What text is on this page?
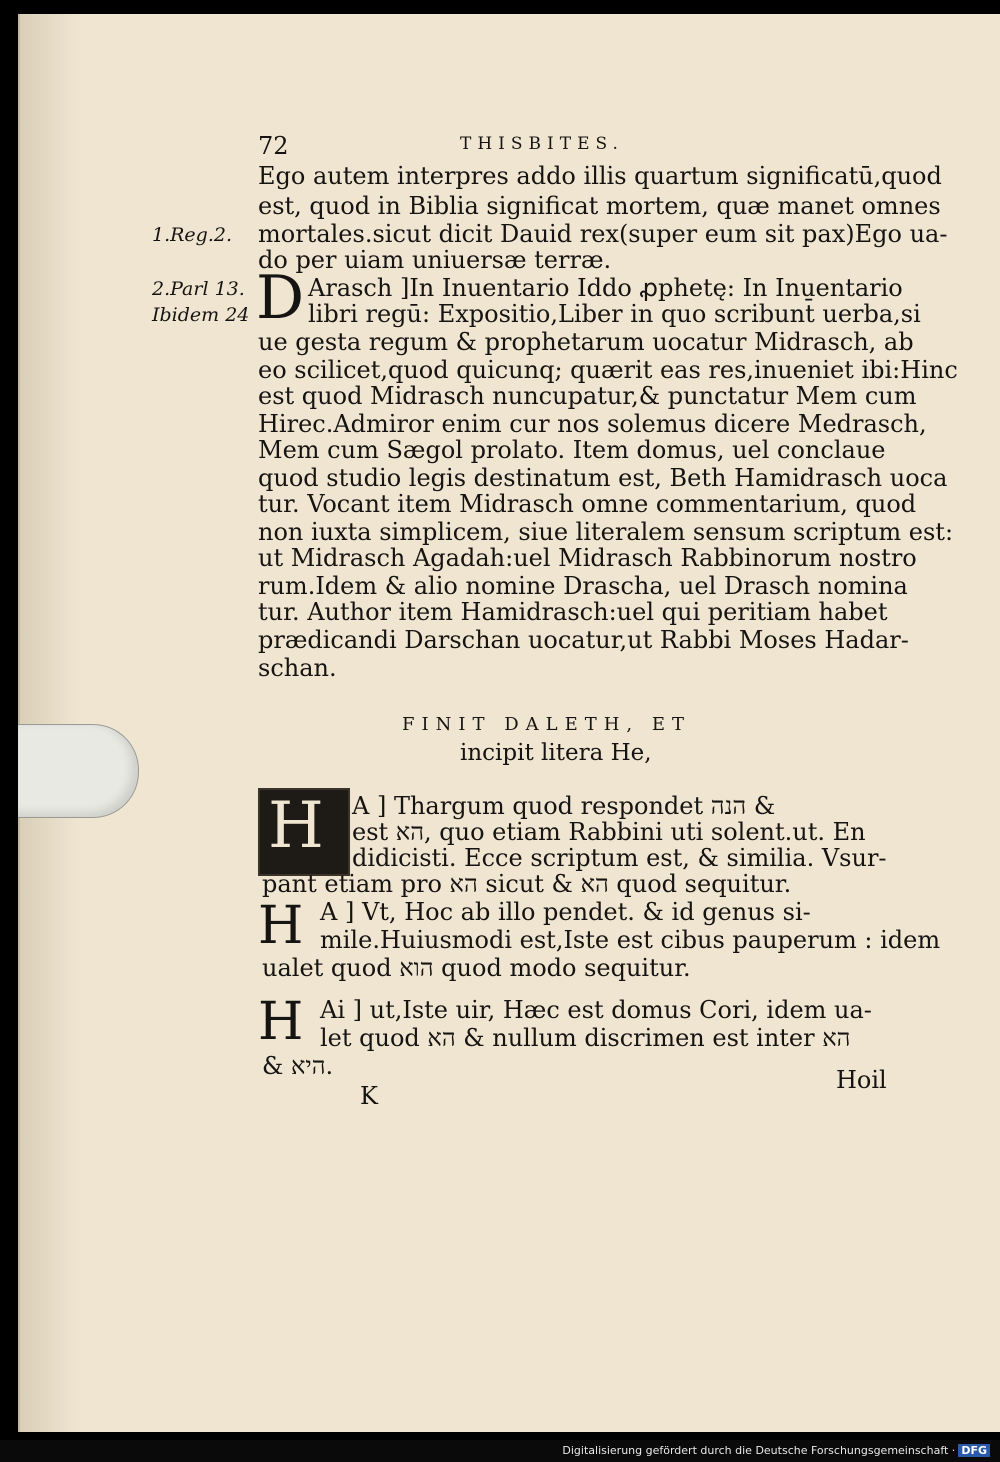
72	THISBITES.
1.Reg.2.
2.Parl 13.
Ibidem 24
Ego autem interpres addo illis quartum significatū,quod
est, quod in Biblia significat mortem, quæ manet omnes
mortales.sicut dicit Dauid rex(super eum sit pax)Ego ua-
do per uiam uniuersæ terræ.
D Arasch ]In Inuentario Iddo ꝓphetę: In Inuentario
libri regū: Expositio,Liber in quo scribunt̄ uerba,si
ue gesta regum & prophetarum uocatur Midrasch, ab
eo scilicet,quod quicunq; quærit eas res,inueniet ibi:Hinc
est quod Midrasch nuncupatur,& punctatur Mem cum
Hirec.Admiror enim cur nos solemus dicere Medrasch,
Mem cum Sægol prolato. Item domus, uel conclaue
quod studio legis destinatum est, Beth Hamidrasch uoca
tur. Vocant item Midrasch omne commentarium, quod
non iuxta simplicem, siue literalem sensum scriptum est:
ut Midrasch Agadah:uel Midrasch Rabbinorum nostro
rum.Idem & alio nomine Drascha, uel Drasch nomina
tur. Author item Hamidrasch:uel qui peritiam habet
prædicandi Darschan uocatur,ut Rabbi Moses Hadar-
schan.
FINIT DALETH, ET
incipit litera He,
H A ] Thargum quod respondet הנה &
est הא, quo etiam Rabbini uti solent.ut. En
didicisti. Ecce scriptum est, & similia. Vsur-
pant etiam pro הא sicut & הא quod sequitur.
H A ] Vt, Hoc ab illo pendet. & id genus si-
mile.Huiusmodi est,Iste est cibus pauperum : idem
ualet quod הוא quod modo sequitur.
H Ai ] ut,Iste uir, Hæc est domus Cori, idem ua-
let quod הא & nullum discrimen est inter הא
& היא.
K
Hoil
Digitalisierung gefördert durch die Deutsche Forschungsgemeinschaft · DFG
